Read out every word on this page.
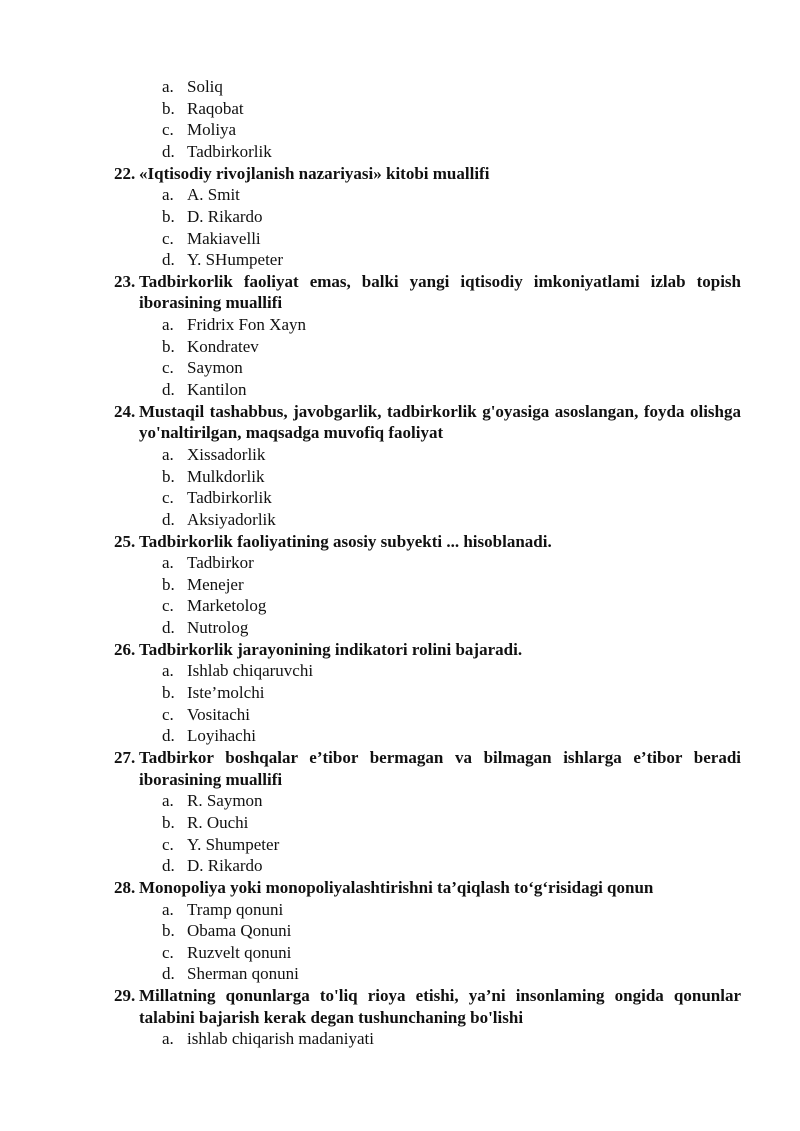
a. Soliq
b. Raqobat
c. Moliya
d. Tadbirkorlik
22. «Iqtisodiy rivojlanish nazariyasi» kitobi muallifi
a. A. Smit
b. D. Rikardo
c. Makiavelli
d. Y. SHumpeter
23. Tadbirkorlik faoliyat emas, balki yangi iqtisodiy imkoniyatlami izlab topish iborasining muallifi
a. Fridrix Fon Xayn
b. Kondratev
c. Saymon
d. Kantilon
24. Mustaqil tashabbus, javobgarlik, tadbirkorlik g'oyasiga asoslangan, foyda olishga yo'naltirilgan, maqsadga muvofiq faoliyat
a. Xissadorlik
b. Mulkdorlik
c. Tadbirkorlik
d. Aksiyadorlik
25. Tadbirkorlik faoliyatining asosiy subyekti ... hisoblanadi.
a. Tadbirkor
b. Menejer
c. Marketolog
d. Nutrolog
26. Tadbirkorlik jarayonining indikatori rolini bajaradi.
a. Ishlab chiqaruvchi
b. Iste’molchi
c. Vositachi
d. Loyihachi
27. Tadbirkor boshqalar e’tibor bermagan va bilmagan ishlarga e’tibor beradi iborasining muallifi
a. R. Saymon
b. R. Ouchi
c. Y. Shumpeter
d. D. Rikardo
28. Monopoliya yoki monopoliyalashtirishni ta’qiqlash to‘g‘risidagi qonun
a. Tramp qonuni
b. Obama Qonuni
c. Ruzvelt qonuni
d. Sherman qonuni
29. Millatning qonunlarga to'liq rioya etishi, ya’ni insonlaming ongida qonunlar talabini bajarish kerak degan tushunchaning bo'lishi
a. ishlab chiqarish madaniyati
